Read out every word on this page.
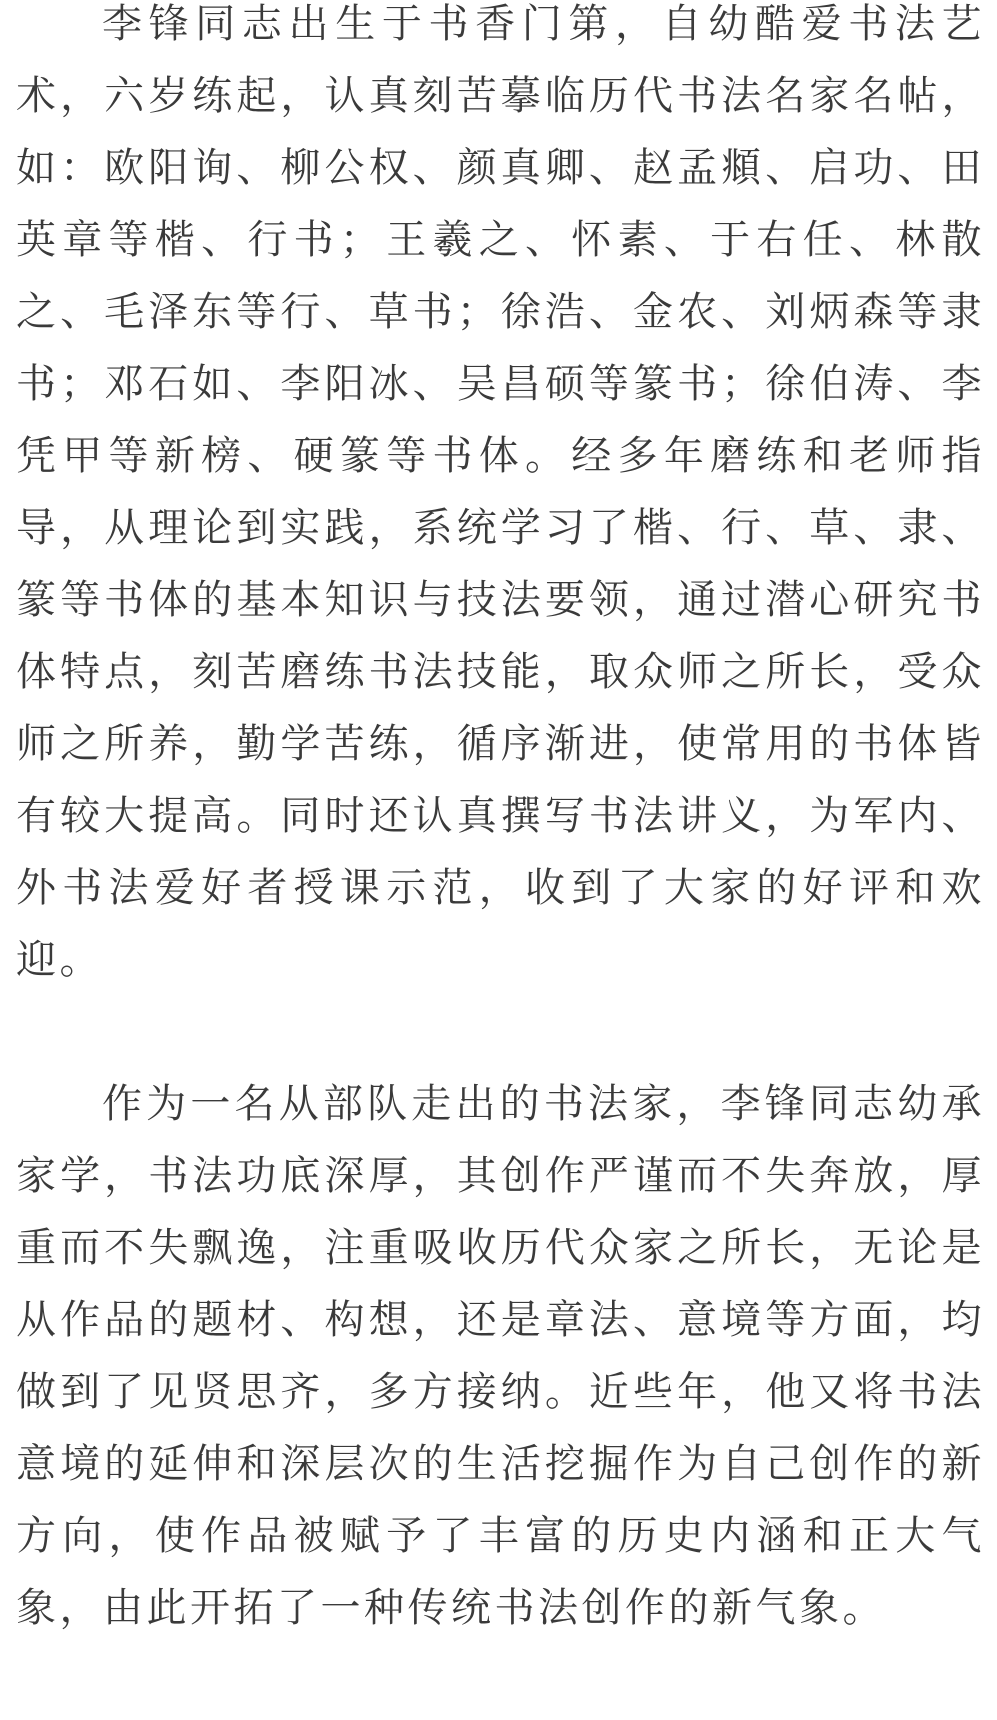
李锋同志出生于书香门第，自幼酷爱书法艺术，六岁练起，认真刻苦摹临历代书法名家名帖，如：欧阳询、柳公权、颜真卿、赵孟頫、启功、田英章等楷、行书；王羲之、怀素、于右任、林散之、毛泽东等行、草书；徐浩、金农、刘炳森等隶书；邓石如、李阳冰、吴昌硕等篆书；徐伯涛、李凭甲等新榜、硬篆等书体。经多年磨练和老师指导，从理论到实践，系统学习了楷、行、草、隶、篆等书体的基本知识与技法要领，通过潜心研究书体特点，刻苦磨练书法技能，取众师之所长，受众师之所养，勤学苦练，循序渐进，使常用的书体皆有较大提高。同时还认真撰写书法讲义，为军内、外书法爱好者授课示范，收到了大家的好评和欢迎。

作为一名从部队走出的书法家，李锋同志幼承家学，书法功底深厚，其创作严谨而不失奔放，厚重而不失飘逸，注重吸收历代众家之所长，无论是从作品的题材、构想，还是章法、意境等方面，均做到了见贤思齐，多方接纳。近些年，他又将书法意境的延伸和深层次的生活挖掘作为自己创作的新方向，使作品被赋予了丰富的历史内涵和正大气象，由此开拓了一种传统书法创作的新气象。
